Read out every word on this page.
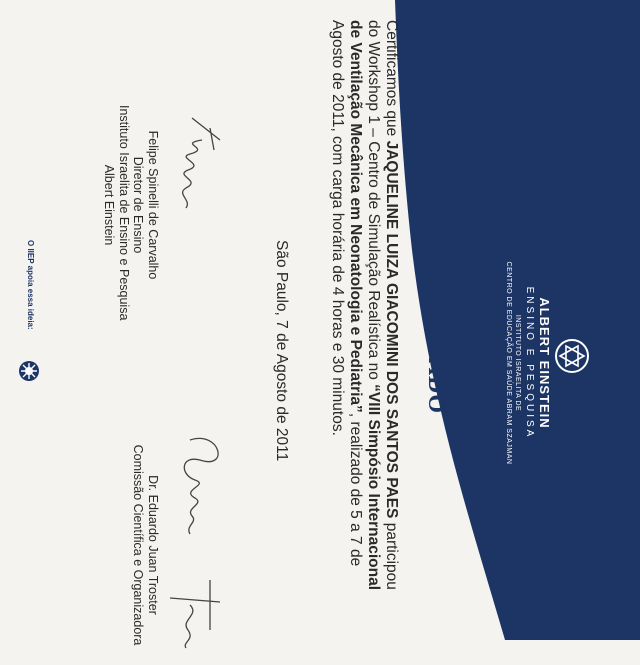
ALBERT EINSTEIN
ENSINO E PESQUISA
INSTITUTO ISRAELITA DE
CENTRO DE EDUCAÇÃO EM SAÚDE ABRAM SZAJMAN
Certificado

Certificamos que JAQUELINE LUIZA GIACOMINI DOS SANTOS PAES participou

do Workshop 1 – Centro de Simulação Realística no “VIII Simpósio Internacional

de Ventilação Mecânica em Neonatologia e Pediatria”, realizado de 5 a 7 de

Agosto de 2011, com carga horária de 4 horas e 30 minutos.

São Paulo, 7 de Agosto de 2011
Felipe Spinelli de Carvalho
Diretor de Ensino
Instituto Israelita de Ensino e Pesquisa
Albert Einstein
Dr. Eduardo Juan Troster
Comissão Científica e Organizadora
O IIEP apoia essa ideia:
